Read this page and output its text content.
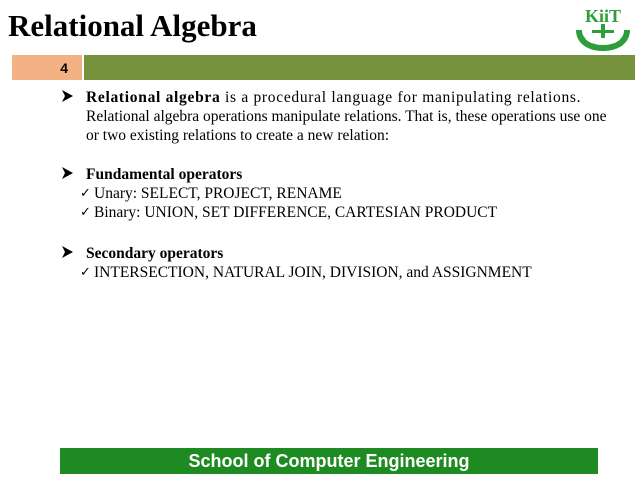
Relational Algebra	KiiT
4
Relational algebra is a procedural language for manipulating relations.
Relational algebra operations manipulate relations. That is, these operations use one or two existing relations to create a new relation:
Fundamental operators
✓ Unary: SELECT, PROJECT, RENAME
✓ Binary: UNION, SET DIFFERENCE, CARTESIAN PRODUCT
Secondary operators
✓ INTERSECTION, NATURAL JOIN, DIVISION, and ASSIGNMENT
School of Computer Engineering
